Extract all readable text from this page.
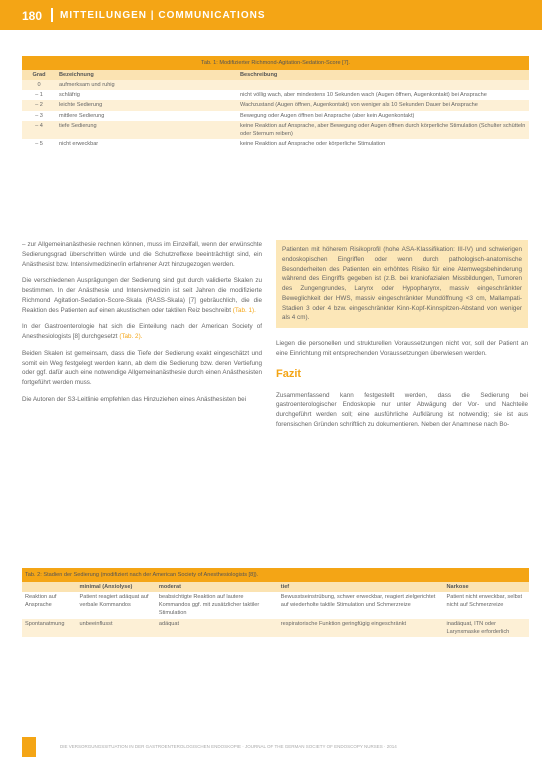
180 MITTEILUNGEN | COMMUNICATIONS
Tab. 1: Modifizierter Richmond-Agitation-Sedation-Score [7].		
Grad	Bezeichnung	Beschreibung
0	aufmerksam und ruhig	
– 1	schläfrig	nicht völlig wach, aber mindestens 10 Sekunden wach (Augen öffnen, Augenkontakt) bei Ansprache
– 2	leichte Sedierung	Wachzustand (Augen öffnen, Augenkontakt) von weniger als 10 Sekunden Dauer bei Ansprache
– 3	mittlere Sedierung	Bewegung oder Augen öffnen bei Ansprache (aber kein Augenkontakt)
– 4	tiefe Sedierung	keine Reaktion auf Ansprache, aber Bewegung oder Augen öffnen durch körperliche Stimulation (Schulter schütteln oder Sternum reiben)
– 5	nicht erweckbar	keine Reaktion auf Ansprache oder körperliche Stimulation

– zur Allgemeinanästhesie rechnen können, muss im Einzelfall, wenn der erwünschte Sedierungsgrad überschritten würde und die Schutzreflexe beeinträchtigt sind, ein Anästhesist bzw. Intensivmediziner/in erfahrener Arzt hinzugezogen werden.

Die verschiedenen Ausprägungen der Sedierung sind gut durch validierte Skalen zu bestimmen. In der Anästhesie und Intensivmedizin ist seit Jahren die modifizierte Richmond Agitation-Sedation-Score-Skala (RASS-Skala) [7] gebräuchlich, die die Reaktion des Patienten auf einen akustischen oder taktilen Reiz beschreibt (Tab. 1).

In der Gastroenterologie hat sich die Einteilung nach der American Society of Anesthesiologists [8] durchgesetzt (Tab. 2).

Beiden Skalen ist gemeinsam, dass die Tiefe der Sedierung exakt eingeschätzt und somit ein Weg festgelegt werden kann, ab dem die Sedierung bzw. deren Vertiefung oder ggf. dafür auch eine notwendige Allgemeinanästhesie durch einen Anästhesisten fortgeführt werden muss.

Die Autoren der S3-Leitlinie empfehlen das Hinzuziehen eines Anästhesisten bei

Patienten mit höherem Risikoprofil (hohe ASA-Klassifikation: III-IV) und schwierigen endoskopischen Eingriffen oder wenn durch pathologisch-anatomische Besonderheiten des Patienten ein erhöhtes Risiko für eine Atemwegsbehinderung während des Eingriffs gegeben ist (z.B. bei kraniofazialen Missbildungen, Tumoren des Zungengrundes, Larynx oder Hypopharynx, massiv eingeschränkter Beweglichkeit der HWS, massiv eingeschränkter Mundöffnung <3 cm, Mallampati-Stadien 3 oder 4 bzw. eingeschränkter Kinn-Kopf-Kinnspitzen-Abstand von weniger als 4 cm).

Liegen die personellen und strukturellen Voraussetzungen nicht vor, soll der Patient an eine Einrichtung mit entsprechenden Voraussetzungen überwiesen werden.

Fazit

Zusammenfassend kann festgestellt werden, dass die Sedierung bei gastroenterologischer Endoskopie nur unter Abwägung der Vor- und Nachteile durchgeführt werden soll; eine ausführliche Aufklärung ist notwendig; sie ist aus forensischen Gründen schriftlich zu dokumentieren. Neben der Anamnese nach Bo-

Tab. 2: Stadien der Sedierung (modifiziert nach der American Society of Anesthesiologists [8]).				
	minimal (Anxiolyse)	moderat	tief	Narkose
Reaktion auf Ansprache	Patient reagiert adäquat auf verbale Kommandos	beabsichtigte Reaktion auf lautere Kommandos ggf. mit zusätzlicher taktiler Stimulation	Bewusstseinstrübung, schwer erweckbar, reagiert zielgerichtet auf wiederholte taktile Stimulation und Schmerzreize	Patient nicht erweckbar, selbst nicht auf Schmerzreize
Spontanatmung	unbeeinflusst	adäquat	respiratorische Funktion geringfügig eingeschränkt	inadäquat, ITN oder Larynxmaske erforderlich
DIE VERSORGUNGSSITUATION IN DER GASTROENTEROLOGISCHEN ENDOSKOPIE · JOURNAL OF THE GERMAN SOCIETY OF ENDOSCOPY NURSES · 2014
